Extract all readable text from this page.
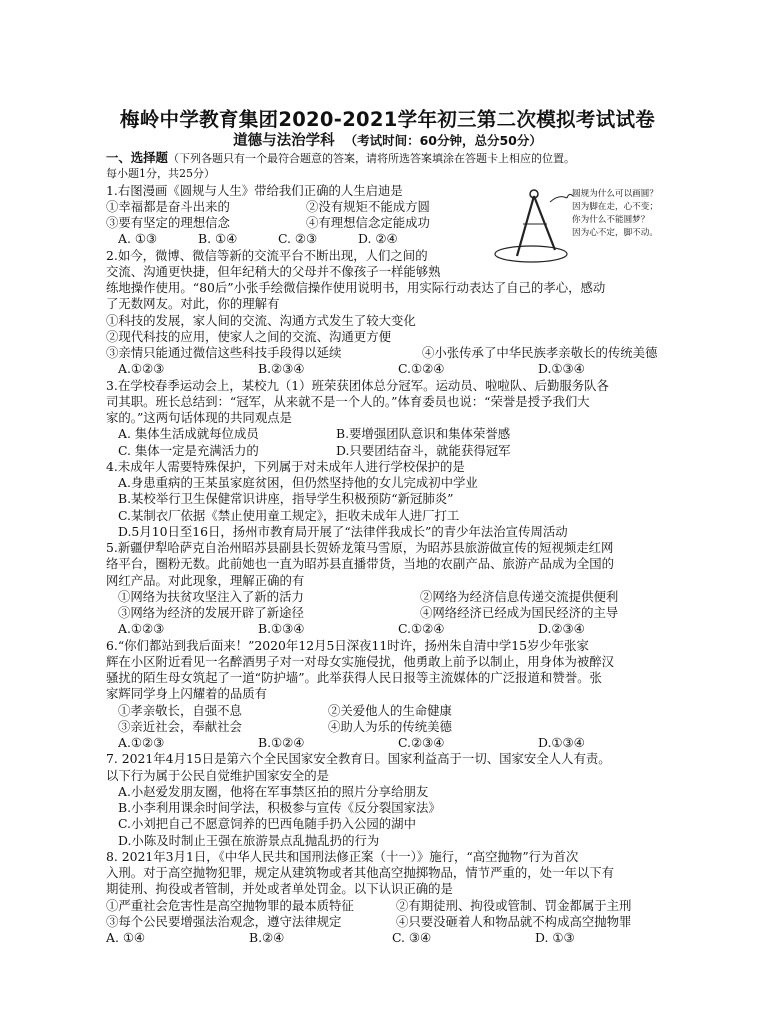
梅岭中学教育集团2020-2021学年初三第二次模拟考试试卷
道德与法治学科 （考试时间：60分钟，总分50分）
圆规为什么可以画圆？
因为脚在走，心不变；
你为什么不能圆梦？
因为心不定，脚不动。
一、选择题（下列各题只有一个最符合题意的答案，请将所选答案填涂在答题卡上相应的位置。
每小题1分，共25分）
1.右图漫画《圆规与人生》带给我们正确的人生启迪是
①幸福都是奋斗出来的	②没有规矩不能成方圆
③要有坚定的理想信念	④有理想信念定能成功
A. ①③	B. ①④	C. ②③	D. ②④
2.如今，微博、微信等新的交流平台不断出现，人们之间的
交流、沟通更快捷，但年纪稍大的父母并不像孩子一样能够熟
练地操作使用。“80后”小张手绘微信操作使用说明书，用实际行动表达了自己的孝心，感动
了无数网友。对此，你的理解有
①科技的发展，家人间的交流、沟通方式发生了较大变化
②现代科技的应用，使家人之间的交流、沟通更方便
③亲情只能通过微信这些科技手段得以延续	④小张传承了中华民族孝亲敬长的传统美德
A.①②③	B.②③④	C.①②④	D.①③④
3.在学校春季运动会上，某校九（1）班荣获团体总分冠军。运动员、啦啦队、后勤服务队各
司其职。班长总结到：“冠军，从来就不是一个人的。”体育委员也说：“荣誉是授予我们大
家的。”这两句话体现的共同观点是
A. 集体生活成就每位成员	B.要增强团队意识和集体荣誉感
C. 集体一定是充满活力的	D.只要团结奋斗，就能获得冠军
4.未成年人需要特殊保护，下列属于对未成年人进行学校保护的是
A.身患重病的王某虽家庭贫困，但仍然坚持他的女儿完成初中学业
B.某校举行卫生保健常识讲座，指导学生积极预防“新冠肺炎”
C.某制衣厂依据《禁止使用童工规定》，拒收未成年人进厂打工
D.5月10日至16日，扬州市教育局开展了“法律伴我成长”的青少年法治宣传周活动
5.新疆伊犁哈萨克自治州昭苏县副县长贺娇龙策马雪原，为昭苏县旅游做宣传的短视频走红网
络平台，圈粉无数。此前她也一直为昭苏县直播带货，当地的农副产品、旅游产品成为全国的
网红产品。对此现象，理解正确的有
①网络为扶贫攻坚注入了新的活力	②网络为经济信息传递交流提供便利
③网络为经济的发展开辟了新途径	④网络经济已经成为国民经济的主导
A.①②③	B.①③④	C.①②④	D.②③④
6.“你们都站到我后面来！”2020年12月5日深夜11时许，扬州朱自清中学15岁少年张家
辉在小区附近看见一名醉酒男子对一对母女实施侵扰，他勇敢上前予以制止，用身体为被醉汉
骚扰的陌生母女筑起了一道“防护墙”。此举获得人民日报等主流媒体的广泛报道和赞誉。张
家辉同学身上闪耀着的品质有
①孝亲敬长，自强不息	②关爱他人的生命健康
③亲近社会，奉献社会	④助人为乐的传统美德
A.①②③	B.①②④	C.②③④	D.①③④
7. 2021年4月15日是第六个全民国家安全教育日。国家利益高于一切、国家安全人人有责。
以下行为属于公民自觉维护国家安全的是
A.小赵爱发朋友圈，他将在军事禁区拍的照片分享给朋友
B.小李利用课余时间学法，积极参与宣传《反分裂国家法》
C.小刘把自己不愿意饲养的巴西龟随手扔入公园的湖中
D.小陈及时制止王强在旅游景点乱抛乱扔的行为
8. 2021年3月1日，《中华人民共和国刑法修正案（十一）》施行，“高空抛物”行为首次
入刑。对于高空抛物犯罪，规定从建筑物或者其他高空抛掷物品，情节严重的，处一年以下有
期徒刑、拘役或者管制，并处或者单处罚金。以下认识正确的是
①严重社会危害性是高空抛物罪的最本质特征	②有期徒刑、拘役或管制、罚金都属于主刑
③每个公民要增强法治观念，遵守法律规定	④只要没砸着人和物品就不构成高空抛物罪
A. ①④	B.②④	C. ③④	D. ①③
